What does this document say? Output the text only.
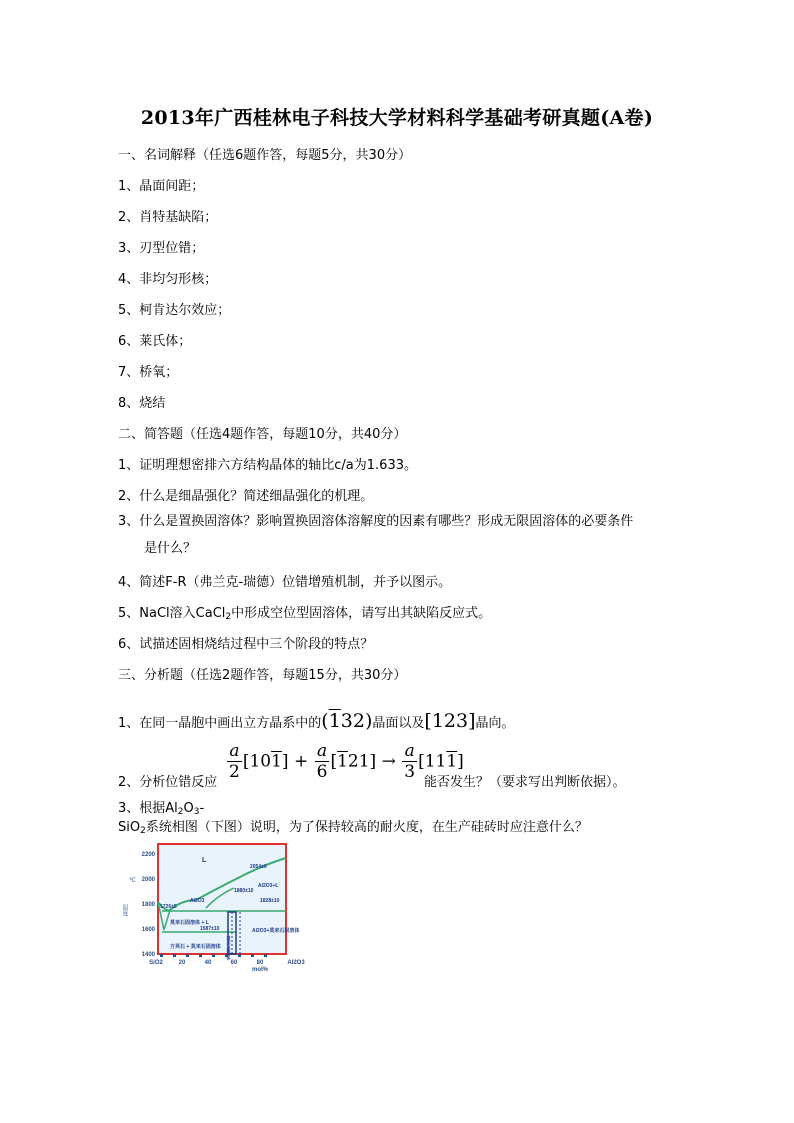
2013年广西桂林电子科技大学材料科学基础考研真题(A卷)
一、名词解释（任选6题作答，每题5分，共30分）
1、晶面间距；
2、肖特基缺陷；
3、刃型位错；
4、非均匀形核；
5、柯肯达尔效应；
6、莱氏体；
7、桥氧；
8、烧结
二、简答题（任选4题作答，每题10分，共40分）
1、证明理想密排六方结构晶体的轴比c/a为1.633。
2、什么是细晶强化？简述细晶强化的机理。
3、什么是置换固溶体？影响置换固溶体溶解度的因素有哪些？形成无限固溶体的必要条件
是什么？
4、简述F-R（弗兰克-瑞德）位错增殖机制，并予以图示。
5、NaCl溶入CaCl$_2$中形成空位型固溶体，请写出其缺陷反应式。
6、试描述固相烧结过程中三个阶段的特点？
三、分析题（任选2题作答，每题15分，共30分）
1、在同一晶胞中画出立方晶系中的(132)晶面以及[123]晶向。
$\frac{a}{2} [101] + \frac{a}{6} [121] \to \frac{a}{3} [111]$
2、分析位错反应	能否发生？（要求写出判断依据）。
3、根据$Al_2O_3-$
SiO$_2$系统相图（下图）说明，为了保持较高的耐火度，在生产硅砖时应注意什么？
2200
2000
1800
1600
1400
℃
温度
SiO2	20	40	60	80	Al2O3
mol%
L
Al2O3
Al2O3+L
莫来石固溶体 + L
Al2O3+莫来石固溶体
方英石 + 莫来石固溶体 莫来石固溶体
1726±5
2054±6
1880±10
1828±10
1587±10
